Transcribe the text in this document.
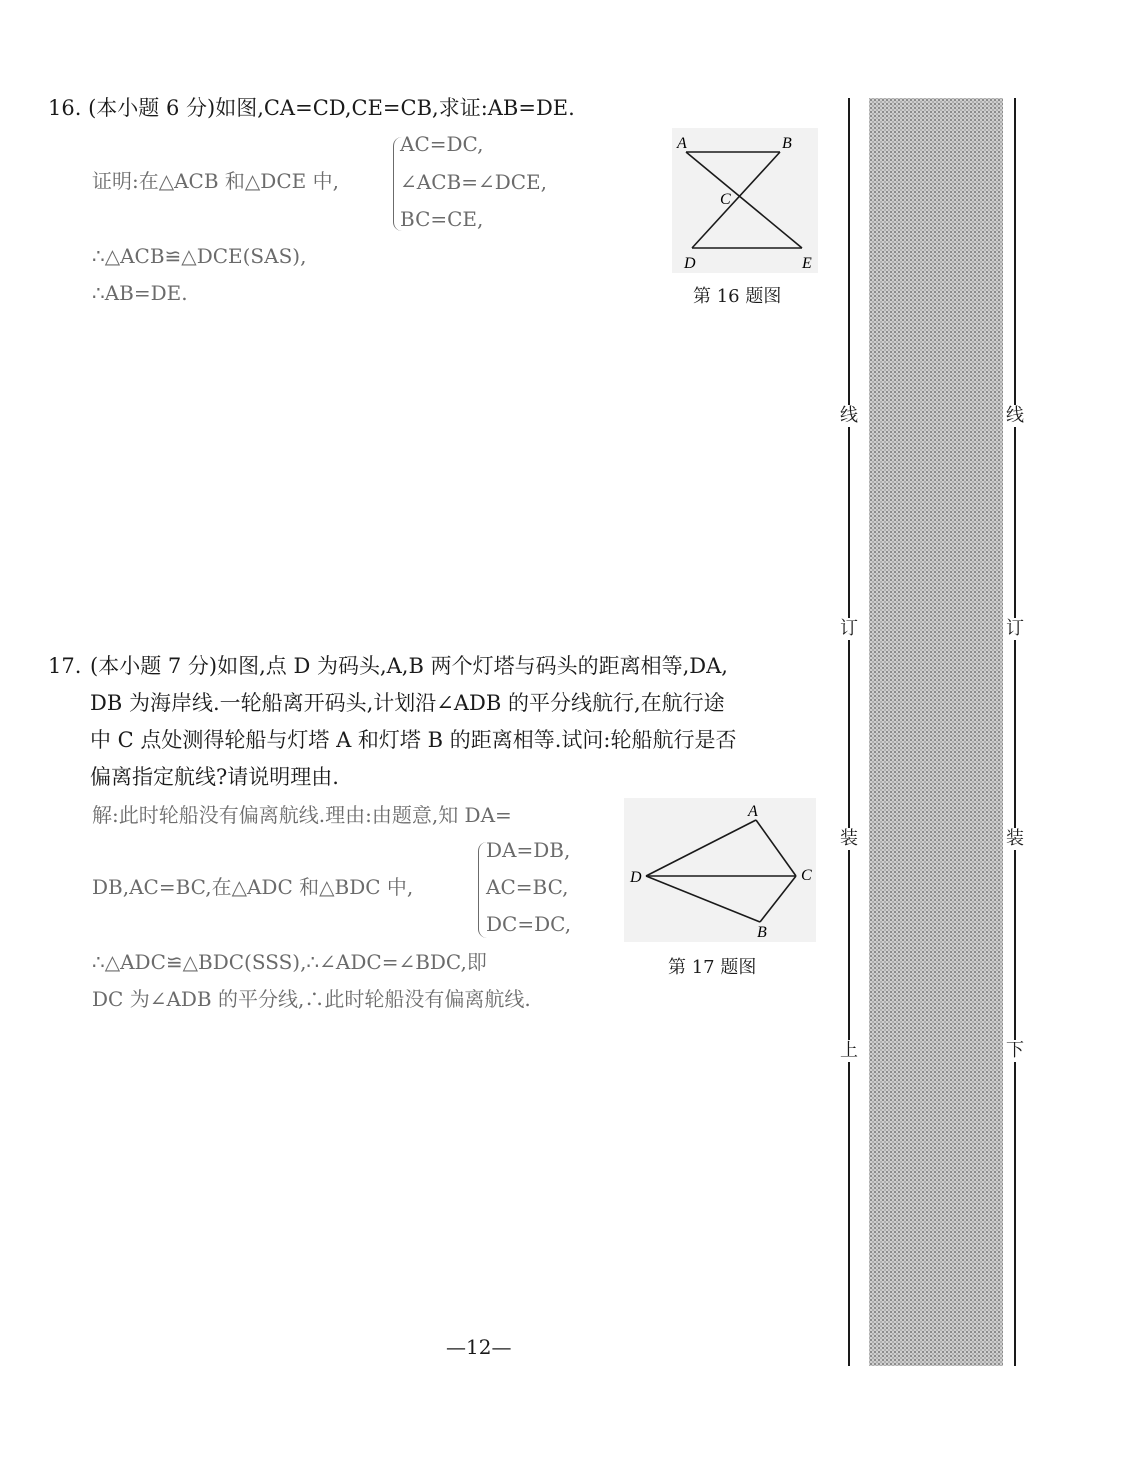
16. (本小题 6 分)如图,CA=CD,CE=CB,求证:AB=DE.
证明:在△ACB 和△DCE 中,
AC=DC,
∠ACB=∠DCE,
BC=CE,
∴△ACB≌△DCE(SAS),
∴AB=DE.
A	B
C
D	E
第 16 题图
17. (本小题 7 分)如图,点 D 为码头,A,B 两个灯塔与码头的距离相等,DA,
DB 为海岸线.一轮船离开码头,计划沿∠ADB 的平分线航行,在航行途
中 C 点处测得轮船与灯塔 A 和灯塔 B 的距离相等.试问:轮船航行是否
偏离指定航线?请说明理由.
解:此时轮船没有偏离航线.理由:由题意,知 DA=
DB,AC=BC,在△ADC 和△BDC 中,
DA=DB,
AC=BC,
DC=DC,
∴△ADC≌△BDC(SSS),∴∠ADC=∠BDC,即
DC 为∠ADB 的平分线,∴此时轮船没有偏离航线.
A
D	C
B
第 17 题图
—12—
线
订
装
上
线
订
装
下
